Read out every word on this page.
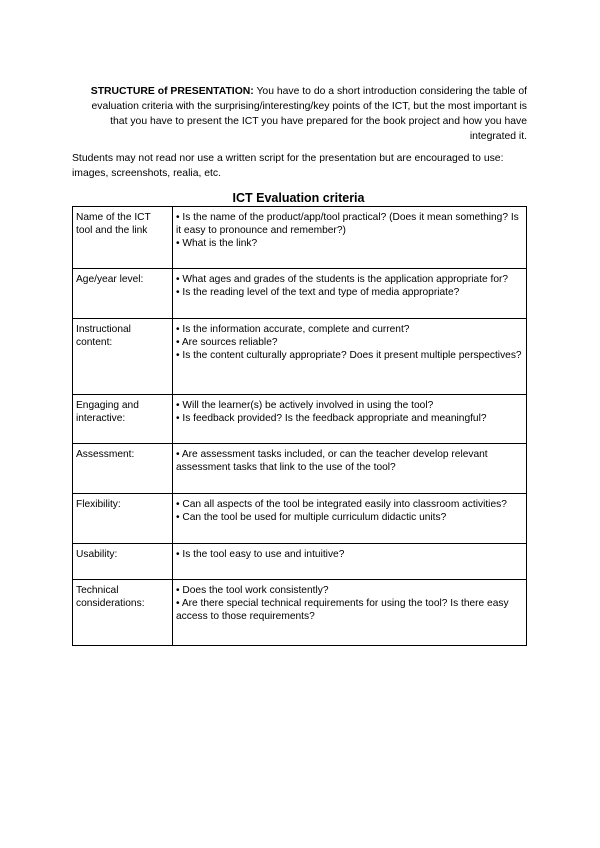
STRUCTURE of PRESENTATION: You have to do a short introduction considering the table of evaluation criteria with the surprising/interesting/key points of the ICT, but the most important is that you have to present the ICT you have prepared for the book project and how you have integrated it.

Students may not read nor use a written script for the presentation but are encouraged to use: images, screenshots, realia, etc.

ICT Evaluation criteria
Name of the ICT tool and the link	• Is the name of the product/app/tool practical? (Does it mean something? Is it easy to pronounce and remember?)
• What is the link?

Age/year level:	• What ages and grades of the students is the application appropriate for?
• Is the reading level of the text and type of media appropriate?

Instructional content:	• Is the information accurate, complete and current?
• Are sources reliable?
• Is the content culturally appropriate? Does it present multiple perspectives?

Engaging and interactive:	• Will the learner(s) be actively involved in using the tool?
• Is feedback provided? Is the feedback appropriate and meaningful?

Assessment:	• Are assessment tasks included, or can the teacher develop relevant assessment tasks that link to the use of the tool?

Flexibility:	• Can all aspects of the tool be integrated easily into classroom activities?
• Can the tool be used for multiple curriculum didactic units?

Usability:	• Is the tool easy to use and intuitive?

Technical considerations:	• Does the tool work consistently?
• Are there special technical requirements for using the tool? Is there easy access to those requirements?
